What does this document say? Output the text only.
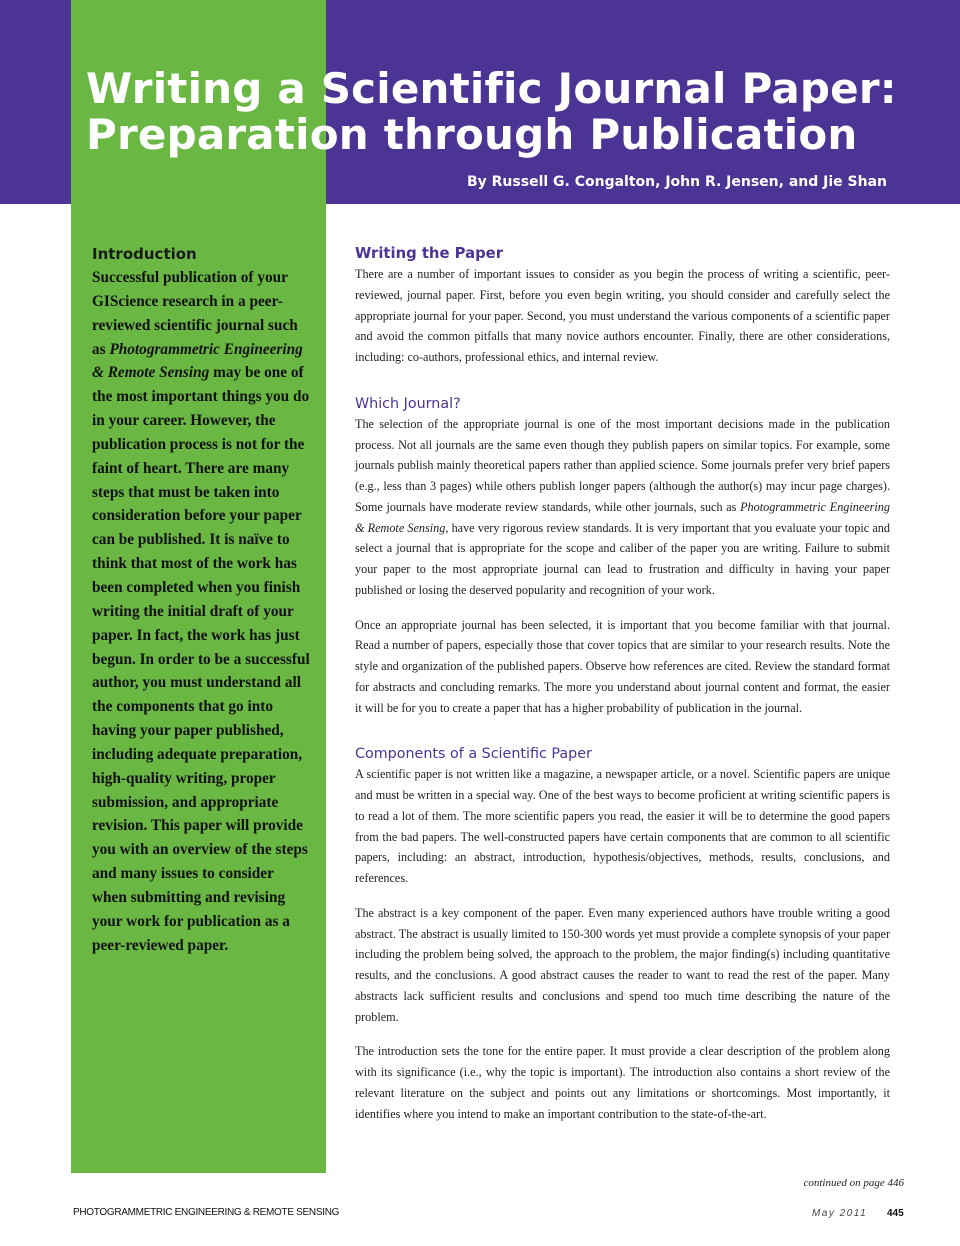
Writing a Scientific Journal Paper:
Preparation through Publication
By Russell G. Congalton, John R. Jensen, and Jie Shan
Introduction

Successful publication of your GIScience research in a peer-reviewed scientific journal such as Photogrammetric Engineering & Remote Sensing may be one of the most important things you do in your career. However, the publication process is not for the faint of heart. There are many steps that must be taken into consideration before your paper can be published. It is naïve to think that most of the work has been completed when you finish writing the initial draft of your paper. In fact, the work has just begun. In order to be a successful author, you must understand all the components that go into having your paper published, including adequate preparation, high-quality writing, proper submission, and appropriate revision. This paper will provide you with an overview of the steps and many issues to consider when submitting and revising your work for publication as a peer-reviewed paper.

Writing the Paper

There are a number of important issues to consider as you begin the process of writing a scientific, peer-reviewed, journal paper. First, before you even begin writing, you should consider and carefully select the appropriate journal for your paper. Second, you must understand the various components of a scientific paper and avoid the common pitfalls that many novice authors encounter. Finally, there are other considerations, including: co-authors, professional ethics, and internal review.

Which Journal?

The selection of the appropriate journal is one of the most important decisions made in the publication process. Not all journals are the same even though they publish papers on similar topics. For example, some journals publish mainly theoretical papers rather than applied science. Some journals prefer very brief papers (e.g., less than 3 pages) while others publish longer papers (although the author(s) may incur page charges). Some journals have moderate review standards, while other journals, such as Photogrammetric Engineering & Remote Sensing, have very rigorous review standards. It is very important that you evaluate your topic and select a journal that is appropriate for the scope and caliber of the paper you are writing. Failure to submit your paper to the most appropriate journal can lead to frustration and difficulty in having your paper published or losing the deserved popularity and recognition of your work.

Once an appropriate journal has been selected, it is important that you become familiar with that journal. Read a number of papers, especially those that cover topics that are similar to your research results. Note the style and organization of the published papers. Observe how references are cited. Review the standard format for abstracts and concluding remarks. The more you understand about journal content and format, the easier it will be for you to create a paper that has a higher probability of publication in the journal.

Components of a Scientific Paper

A scientific paper is not written like a magazine, a newspaper article, or a novel. Scientific papers are unique and must be written in a special way. One of the best ways to become proficient at writing scientific papers is to read a lot of them. The more scientific papers you read, the easier it will be to determine the good papers from the bad papers. The well-constructed papers have certain components that are common to all scientific papers, including: an abstract, introduction, hypothesis/objectives, methods, results, conclusions, and references.

The abstract is a key component of the paper. Even many experienced authors have trouble writing a good abstract. The abstract is usually limited to 150-300 words yet must provide a complete synopsis of your paper including the problem being solved, the approach to the problem, the major finding(s) including quantitative results, and the conclusions. A good abstract causes the reader to want to read the rest of the paper. Many abstracts lack sufficient results and conclusions and spend too much time describing the nature of the problem.

The introduction sets the tone for the entire paper. It must provide a clear description of the problem along with its significance (i.e., why the topic is important). The introduction also contains a short review of the relevant literature on the subject and points out any limitations or shortcomings. Most importantly, it identifies where you intend to make an important contribution to the state-of-the-art.

continued on page 446
PHOTOGRAMMETRIC ENGINEERING & REMOTE SENSING	May 2011 445
